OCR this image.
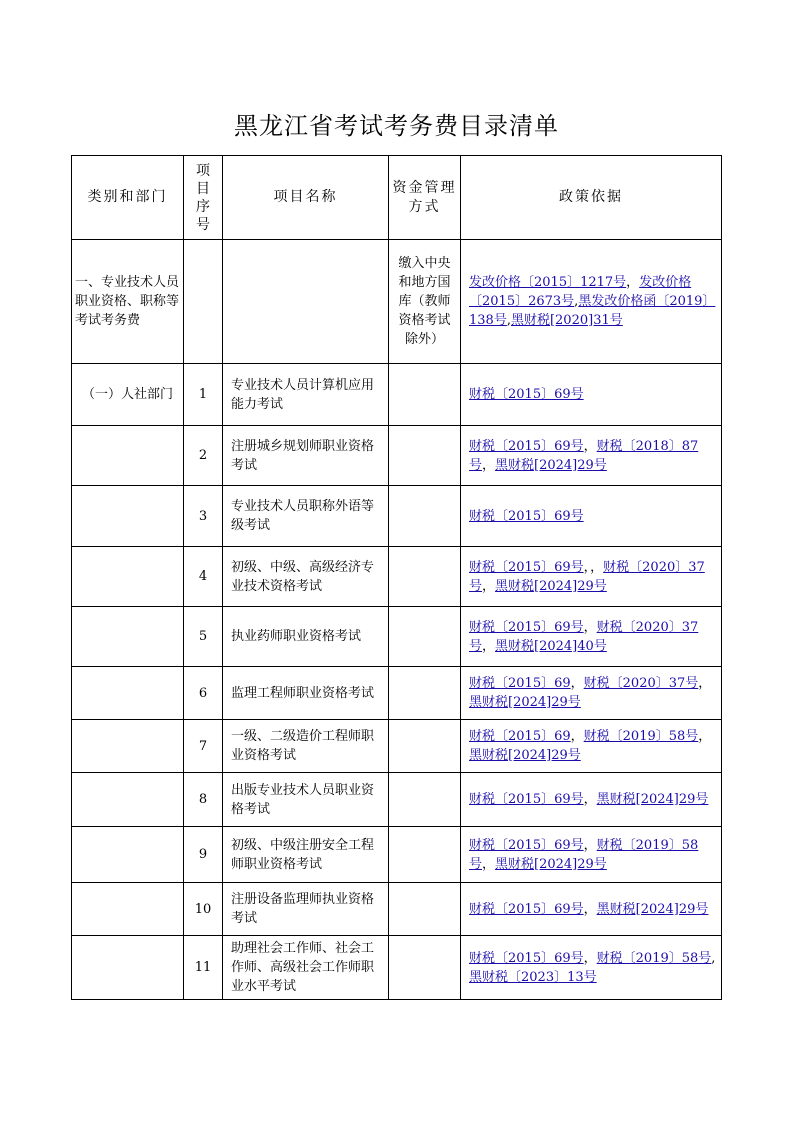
黑龙江省考试考务费目录清单
类别和部门	项目序号	项目名称	资金管理方式	政策依据
一、专业技术人员职业资格、职称等考试考务费			缴入中央和地方国库（教师资格考试除外）	发改价格〔2015〕1217号，发改价格〔2015〕2673号,黑发改价格函〔2019〕138号,黑财税[2020]31号
（一）人社部门	1	专业技术人员计算机应用能力考试		财税〔2015〕69号
	2	注册城乡规划师职业资格考试		财税〔2015〕69号，财税〔2018〕87号，黑财税[2024]29号
	3	专业技术人员职称外语等级考试		财税〔2015〕69号
	4	初级、中级、高级经济专业技术资格考试		财税〔2015〕69号，，财税〔2020〕37号，黑财税[2024]29号
	5	执业药师职业资格考试		财税〔2015〕69号，财税〔2020〕37号，黑财税[2024]40号
	6	监理工程师职业资格考试		财税〔2015〕69，财税〔2020〕37号，黑财税[2024]29号
	7	一级、二级造价工程师职业资格考试		财税〔2015〕69，财税〔2019〕58号，黑财税[2024]29号
	8	出版专业技术人员职业资格考试		财税〔2015〕69号，黑财税[2024]29号
	9	初级、中级注册安全工程师职业资格考试		财税〔2015〕69号，财税〔2019〕58号，黑财税[2024]29号
	10	注册设备监理师执业资格考试		财税〔2015〕69号，黑财税[2024]29号
	11	助理社会工作师、社会工作师、高级社会工作师职业水平考试		财税〔2015〕69号，财税〔2019〕58号,黑财税〔2023〕13号
